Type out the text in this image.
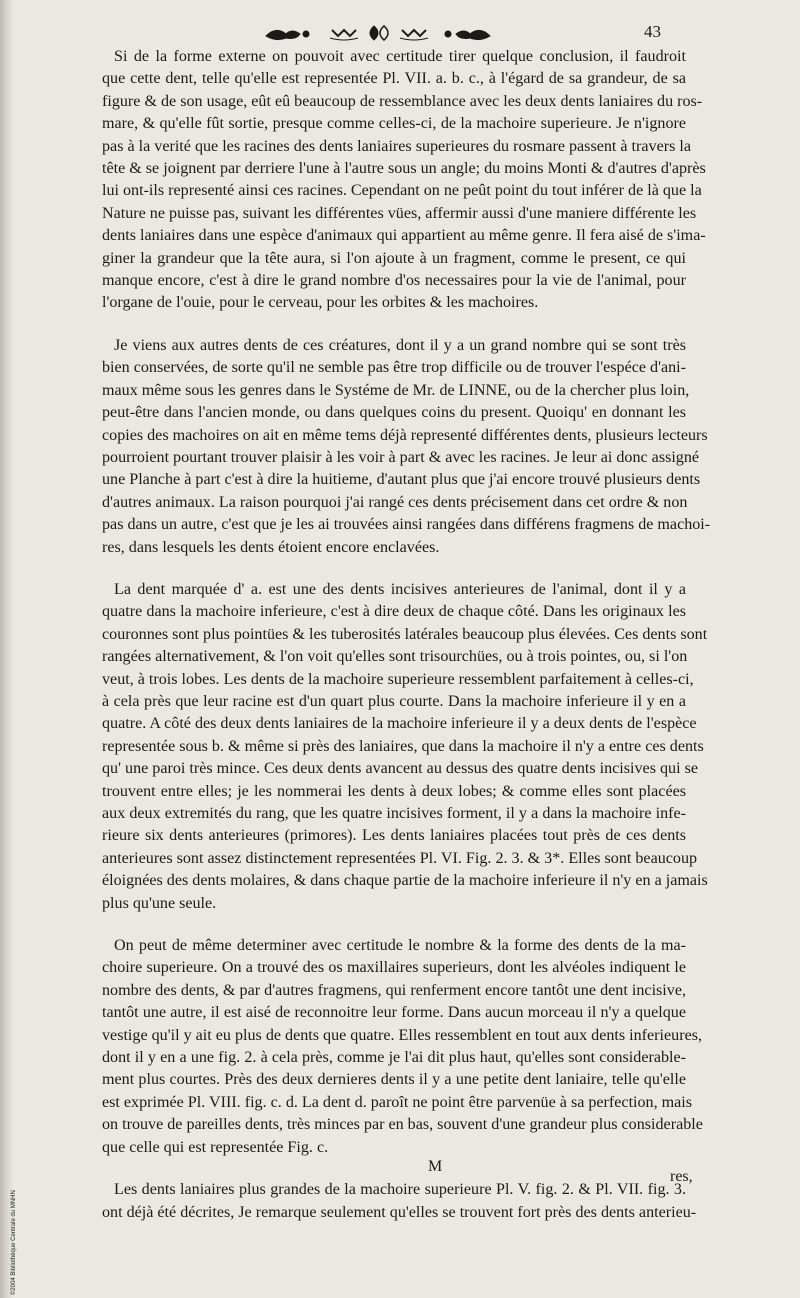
43
Si de la forme externe on pouvoit avec certitude tirer quelque conclusion, il faudroit
que cette dent, telle qu'elle est representée Pl. VII. a. b. c., à l'égard de sa grandeur, de sa
figure & de son usage, eût eû beaucoup de ressemblance avec les deux dents laniaires du ros-
mare, & qu'elle fût sortie, presque comme celles-ci, de la machoire superieure. Je n'ignore
pas à la verité que les racines des dents laniaires superieures du rosmare passent à travers la
tête & se joignent par derriere l'une à l'autre sous un angle; du moins Monti & d'autres d'après
lui ont-ils representé ainsi ces racines. Cependant on ne peût point du tout inférer de là que la
Nature ne puisse pas, suivant les différentes vües, affermir aussi d'une maniere différente les
dents laniaires dans une espèce d'animaux qui appartient au même genre. Il fera aisé de s'ima-
giner la grandeur que la tête aura, si l'on ajoute à un fragment, comme le present, ce qui
manque encore, c'est à dire le grand nombre d'os necessaires pour la vie de l'animal, pour
l'organe de l'ouie, pour le cerveau, pour les orbites & les machoires.
Je viens aux autres dents de ces créatures, dont il y a un grand nombre qui se sont très
bien conservées, de sorte qu'il ne semble pas être trop difficile ou de trouver l'espéce d'ani-
maux même sous les genres dans le Systéme de Mr. de LINNE, ou de la chercher plus loin,
peut-être dans l'ancien monde, ou dans quelques coins du present. Quoiqu' en donnant les
copies des machoires on ait en même tems déjà representé différentes dents, plusieurs lecteurs
pourroient pourtant trouver plaisir à les voir à part & avec les racines. Je leur ai donc assigné
une Planche à part c'est à dire la huitieme, d'autant plus que j'ai encore trouvé plusieurs dents
d'autres animaux. La raison pourquoi j'ai rangé ces dents précisement dans cet ordre & non
pas dans un autre, c'est que je les ai trouvées ainsi rangées dans différens fragmens de machoi-
res, dans lesquels les dents étoient encore enclavées.
La dent marquée d' a. est une des dents incisives anterieures de l'animal, dont il y a
quatre dans la machoire inferieure, c'est à dire deux de chaque côté. Dans les originaux les
couronnes sont plus pointües & les tuberosités latérales beaucoup plus élevées. Ces dents sont
rangées alternativement, & l'on voit qu'elles sont trisourchües, ou à trois pointes, ou, si l'on
veut, à trois lobes. Les dents de la machoire superieure ressemblent parfaitement à celles-ci,
à cela près que leur racine est d'un quart plus courte. Dans la machoire inferieure il y en a
quatre. A côté des deux dents laniaires de la machoire inferieure il y a deux dents de l'espèce
representée sous b. & même si près des laniaires, que dans la machoire il n'y a entre ces dents
qu' une paroi très mince. Ces deux dents avancent au dessus des quatre dents incisives qui se
trouvent entre elles; je les nommerai les dents à deux lobes; & comme elles sont placées
aux deux extremités du rang, que les quatre incisives forment, il y a dans la machoire infe-
rieure six dents anterieures (primores). Les dents laniaires placées tout près de ces dents
anterieures sont assez distinctement representées Pl. VI. Fig. 2. 3. & 3*. Elles sont beaucoup
éloignées des dents molaires, & dans chaque partie de la machoire inferieure il n'y en a jamais
plus qu'une seule.
On peut de même determiner avec certitude le nombre & la forme des dents de la ma-
choire superieure. On a trouvé des os maxillaires superieurs, dont les alvéoles indiquent le
nombre des dents, & par d'autres fragmens, qui renferment encore tantôt une dent incisive,
tantôt une autre, il est aisé de reconnoitre leur forme. Dans aucun morceau il n'y a quelque
vestige qu'il y ait eu plus de dents que quatre. Elles ressemblent en tout aux dents inferieures,
dont il y en a une fig. 2. à cela près, comme je l'ai dit plus haut, qu'elles sont considerable-
ment plus courtes. Près des deux dernieres dents il y a une petite dent laniaire, telle qu'elle
est exprimée Pl. VIII. fig. c. d. La dent d. paroît ne point être parvenüe à sa perfection, mais
on trouve de pareilles dents, très minces par en bas, souvent d'une grandeur plus considerable
que celle qui est representée Fig. c.
Les dents laniaires plus grandes de la machoire superieure Pl. V. fig. 2. & Pl. VII. fig. 3.
ont déjà été décrites, Je remarque seulement qu'elles se trouvent fort près des dents anterieu-
M
res,
©2004 Bibliothèque Centrale du MNHN
